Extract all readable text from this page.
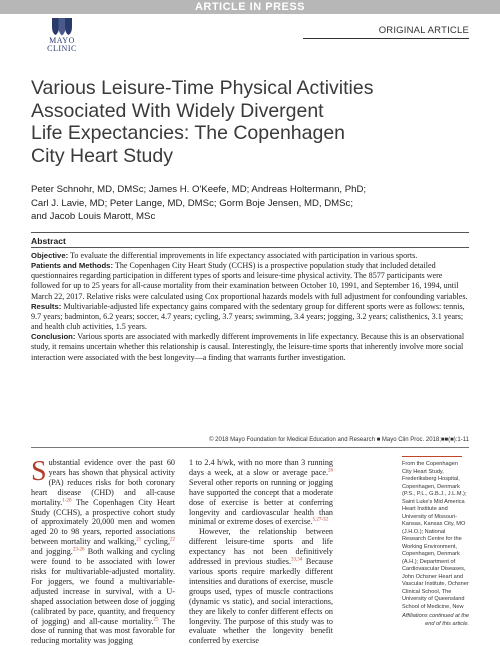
ARTICLE IN PRESS
MAYO
CLINIC
ORIGINAL ARTICLE
Various Leisure-Time Physical Activities
Associated With Widely Divergent
Life Expectancies: The Copenhagen
City Heart Study
Peter Schnohr, MD, DMSc; James H. O'Keefe, MD; Andreas Holtermann, PhD;
Carl J. Lavie, MD; Peter Lange, MD, DMSc; Gorm Boje Jensen, MD, DMSc;
and Jacob Louis Marott, MSc
Abstract

Objective: To evaluate the differential improvements in life expectancy associated with participation in various sports.

Patients and Methods: The Copenhagen City Heart Study (CCHS) is a prospective population study that included detailed questionnaires regarding participation in different types of sports and leisure-time physical activity. The 8577 participants were followed for up to 25 years for all-cause mortality from their examination between October 10, 1991, and September 16, 1994, until March 22, 2017. Relative risks were calculated using Cox proportional hazards models with full adjustment for confounding variables.

Results: Multivariable-adjusted life expectancy gains compared with the sedentary group for different sports were as follows: tennis, 9.7 years; badminton, 6.2 years; soccer, 4.7 years; cycling, 3.7 years; swimming, 3.4 years; jogging, 3.2 years; calisthenics, 3.1 years; and health club activities, 1.5 years.

Conclusion: Various sports are associated with markedly different improvements in life expectancy. Because this is an observational study, it remains uncertain whether this relationship is causal. Interestingly, the leisure-time sports that inherently involve more social interaction were associated with the best longevity—a finding that warrants further investigation.

© 2018 Mayo Foundation for Medical Education and Research ■ Mayo Clin Proc. 2018;■■(■):1-11

Substantial evidence over the past 60 years has shown that physical activity (PA) reduces risks for both coronary heart disease (CHD) and all-cause mortality.$^{1-20}$ The Copenhagen City Heart Study (CCHS), a prospective cohort study of approximately 20,000 men and women aged 20 to 98 years, reported associations between mortality and walking,$^{21}$ cycling,$^{22}$ and jogging.$^{23-26}$ Both walking and cycling were found to be associated with lower risks for multivariable-adjusted mortality. For joggers, we found a multivariable-adjusted increase in survival, with a U-shaped association between dose of jogging (calibrated by pace, quantity, and frequency of jogging) and all-cause mortality.$^{25}$ The dose of running that was most favorable for reducing mortality was jogging

1 to 2.4 h/wk, with no more than 3 running days a week, at a slow or average pace.$^{26}$ Several other reports on running or jogging have supported the concept that a moderate dose of exercise is better at conferring longevity and cardiovascular health than minimal or extreme doses of exercise.$^{5,27-32}$

However, the relationship between different leisure-time sports and life expectancy has not been definitively addressed in previous studies.$^{33,34}$ Because various sports require markedly different intensities and durations of exercise, muscle groups used, types of muscle contractions (dynamic vs static), and social interactions, they are likely to confer different effects on longevity. The purpose of this study was to evaluate whether the longevity benefit conferred by exercise

From the Copenhagen City Heart Study, Frederiksberg Hospital, Copenhagen, Denmark (P.S., P.L., G.B.J., J.L.M.); Saint Luke's Mid America Heart Institute and University of Missouri-Kansas, Kansas City, MO (J.H.O.); National Research Centre for the Working Environment, Copenhagen, Denmark (A.H.); Department of Cardiovascular Diseases, John Ochsner Heart and Vascular Institute, Ochsner Clinical School, The University of Queensland School of Medicine, New
Affiliations continued at the end of this article.
